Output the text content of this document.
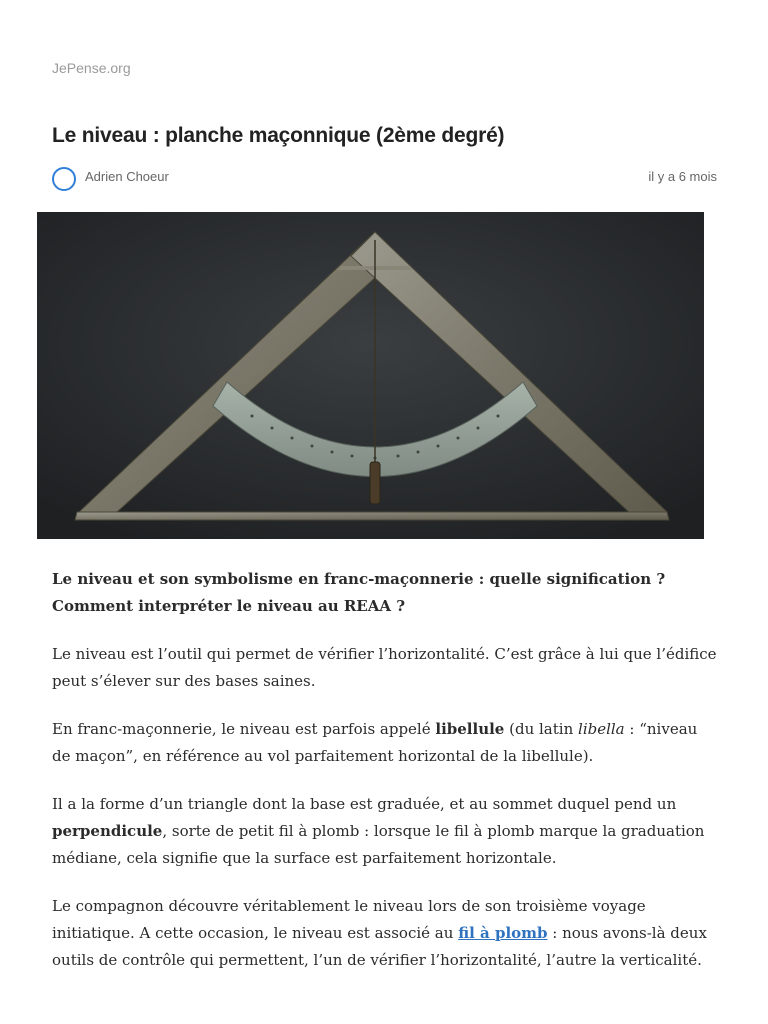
JePense.org
Le niveau : planche maçonnique (2ème degré)
Adrien Choeur	il y a 6 mois

Le niveau et son symbolisme en franc-maçonnerie : quelle signification ? Comment interpréter le niveau au REAA ?

Le niveau est l’outil qui permet de vérifier l’horizontalité. C’est grâce à lui que l’édifice peut s’élever sur des bases saines.

En franc-maçonnerie, le niveau est parfois appelé libellule (du latin libella : “niveau de maçon”, en référence au vol parfaitement horizontal de la libellule).

Il a la forme d’un triangle dont la base est graduée, et au sommet duquel pend un perpendicule, sorte de petit fil à plomb : lorsque le fil à plomb marque la graduation médiane, cela signifie que la surface est parfaitement horizontale.

Le compagnon découvre véritablement le niveau lors de son troisième voyage initiatique. A cette occasion, le niveau est associé au fil à plomb : nous avons-là deux outils de contrôle qui permettent, l’un de vérifier l’horizontalité, l’autre la verticalité.
